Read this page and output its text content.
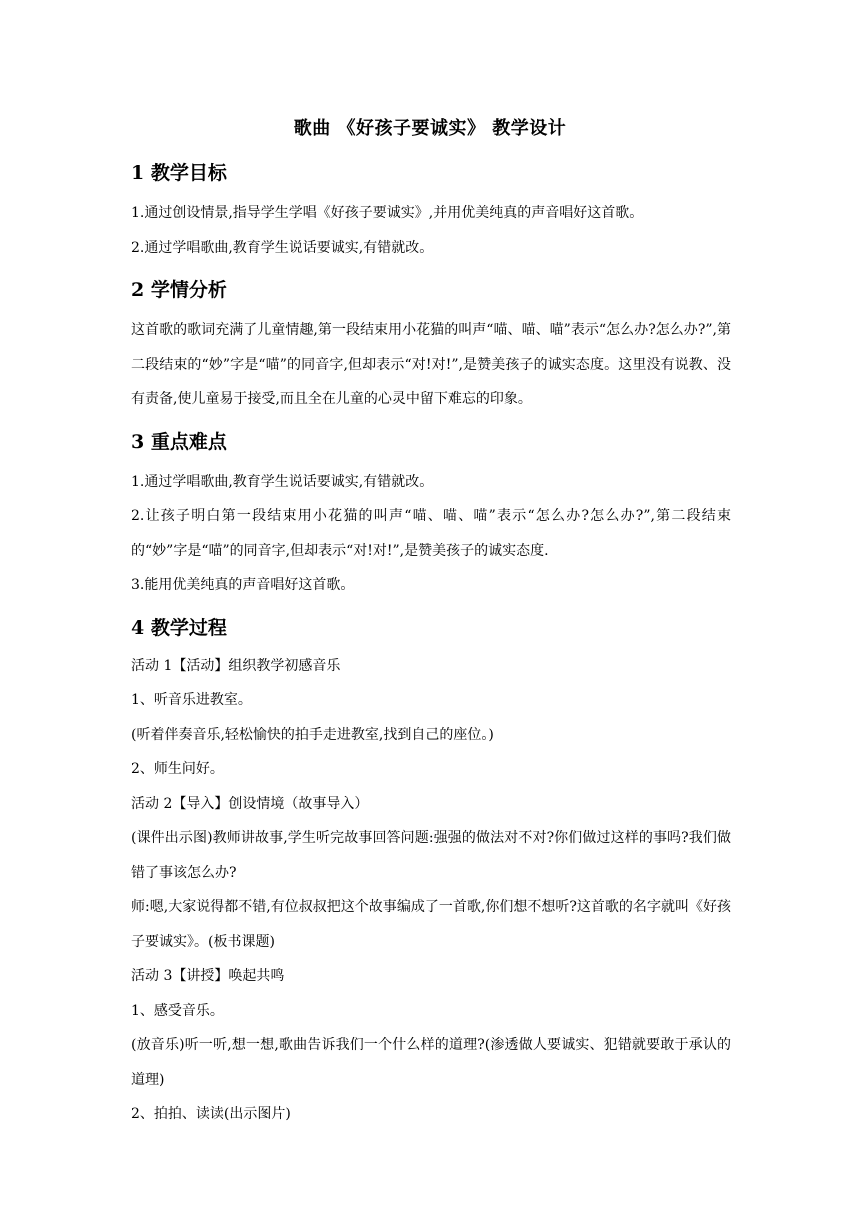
歌曲 《好孩子要诚实》 教学设计
1 教学目标

1.通过创设情景,指导学生学唱《好孩子要诚实》,并用优美纯真的声音唱好这首歌。

2.通过学唱歌曲,教育学生说话要诚实,有错就改。

2 学情分析

这首歌的歌词充满了儿童情趣,第一段结束用小花猫的叫声“喵、喵、喵”表示“怎么办?怎么办?”,第二段结束的“妙”字是“喵”的同音字,但却表示“对!对!”,是赞美孩子的诚实态度。这里没有说教、没有责备,使儿童易于接受,而且全在儿童的心灵中留下难忘的印象。

3 重点难点

1.通过学唱歌曲,教育学生说话要诚实,有错就改。

2.让孩子明白第一段结束用小花猫的叫声“喵、喵、喵”表示“怎么办?怎么办?”,第二段结束的“妙”字是“喵”的同音字,但却表示“对!对!”,是赞美孩子的诚实态度.

3.能用优美纯真的声音唱好这首歌。

4 教学过程

活动 1【活动】组织教学初感音乐

1、听音乐进教室。

(听着伴奏音乐,轻松愉快的拍手走进教室,找到自己的座位。)

2、师生问好。

活动 2【导入】创设情境（故事导入）

(课件出示图)教师讲故事,学生听完故事回答问题:强强的做法对不对?你们做过这样的事吗?我们做错了事该怎么办?

师:嗯,大家说得都不错,有位叔叔把这个故事编成了一首歌,你们想不想听?这首歌的名字就叫《好孩子要诚实》。(板书课题)

活动 3【讲授】唤起共鸣

1、感受音乐。

(放音乐)听一听,想一想,歌曲告诉我们一个什么样的道理?(渗透做人要诚实、犯错就要敢于承认的道理)

2、拍拍、读读(出示图片)
